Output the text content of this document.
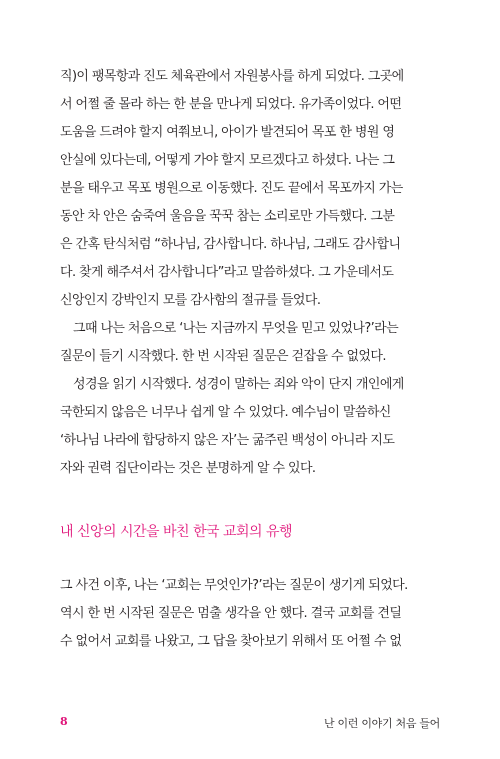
직)이 팽목항과 진도 체육관에서 자원봉사를 하게 되었다. 그곳에
서 어쩔 줄 몰라 하는 한 분을 만나게 되었다. 유가족이었다. 어떤
도움을 드려야 할지 여쭤보니, 아이가 발견되어 목포 한 병원 영
안실에 있다는데, 어떻게 가야 할지 모르겠다고 하셨다. 나는 그
분을 태우고 목포 병원으로 이동했다. 진도 끝에서 목포까지 가는
동안 차 안은 숨죽여 울음을 꾹꾹 참는 소리로만 가득했다. 그분
은 간혹 탄식처럼 “하나님, 감사합니다. 하나님, 그래도 감사합니
다. 찾게 해주셔서 감사합니다”라고 말씀하셨다. 그 가운데서도
신앙인지 강박인지 모를 감사함의 절규를 들었다.
그때 나는 처음으로 ‘나는 지금까지 무엇을 믿고 있었나?’라는
질문이 들기 시작했다. 한 번 시작된 질문은 걷잡을 수 없었다.
성경을 읽기 시작했다. 성경이 말하는 죄와 악이 단지 개인에게
국한되지 않음은 너무나 쉽게 알 수 있었다. 예수님이 말씀하신
‘하나님 나라에 합당하지 않은 자’는 굶주린 백성이 아니라 지도
자와 권력 집단이라는 것은 분명하게 알 수 있다.
내 신앙의 시간을 바친 한국 교회의 유행
그 사건 이후, 나는 ‘교회는 무엇인가?’라는 질문이 생기게 되었다.
역시 한 번 시작된 질문은 멈출 생각을 안 했다. 결국 교회를 견딜
수 없어서 교회를 나왔고, 그 답을 찾아보기 위해서 또 어쩔 수 없
8	난 이런 이야기 처음 들어
